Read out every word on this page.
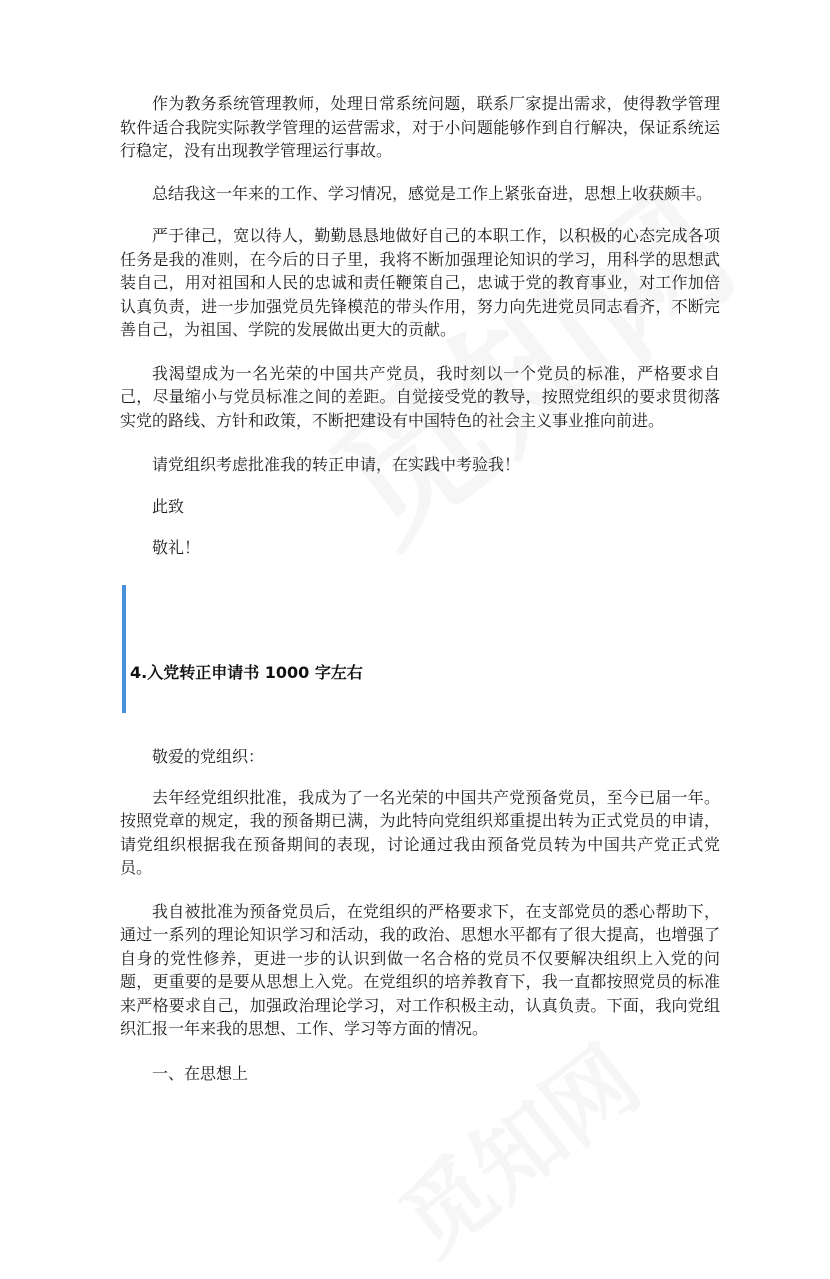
作为教务系统管理教师，处理日常系统问题，联系厂家提出需求，使得教学管理软件适合我院实际教学管理的运营需求，对于小问题能够作到自行解决，保证系统运行稳定，没有出现教学管理运行事故。

总结我这一年来的工作、学习情况，感觉是工作上紧张奋进，思想上收获颇丰。

严于律己，宽以待人，勤勤恳恳地做好自己的本职工作，以积极的心态完成各项任务是我的准则，在今后的日子里，我将不断加强理论知识的学习，用科学的思想武装自己，用对祖国和人民的忠诚和责任鞭策自己，忠诚于党的教育事业，对工作加倍认真负责，进一步加强党员先锋模范的带头作用，努力向先进党员同志看齐，不断完善自己，为祖国、学院的发展做出更大的贡献。

我渴望成为一名光荣的中国共产党员，我时刻以一个党员的标准，严格要求自己，尽量缩小与党员标准之间的差距。自觉接受党的教导，按照党组织的要求贯彻落实党的路线、方针和政策，不断把建设有中国特色的社会主义事业推向前进。

请党组织考虑批准我的转正申请，在实践中考验我！

此致

敬礼！

4.入党转正申请书 1000 字左右

敬爱的党组织：

去年经党组织批准，我成为了一名光荣的中国共产党预备党员，至今已届一年。按照党章的规定，我的预备期已满，为此特向党组织郑重提出转为正式党员的申请，请党组织根据我在预备期间的表现，讨论通过我由预备党员转为中国共产党正式党员。

我自被批准为预备党员后，在党组织的严格要求下，在支部党员的悉心帮助下，通过一系列的理论知识学习和活动，我的政治、思想水平都有了很大提高，也增强了自身的党性修养，更进一步的认识到做一名合格的党员不仅要解决组织上入党的问题，更重要的是要从思想上入党。在党组织的培养教育下，我一直都按照党员的标准来严格要求自己，加强政治理论学习，对工作积极主动，认真负责。下面，我向党组织汇报一年来我的思想、工作、学习等方面的情况。

一、在思想上
